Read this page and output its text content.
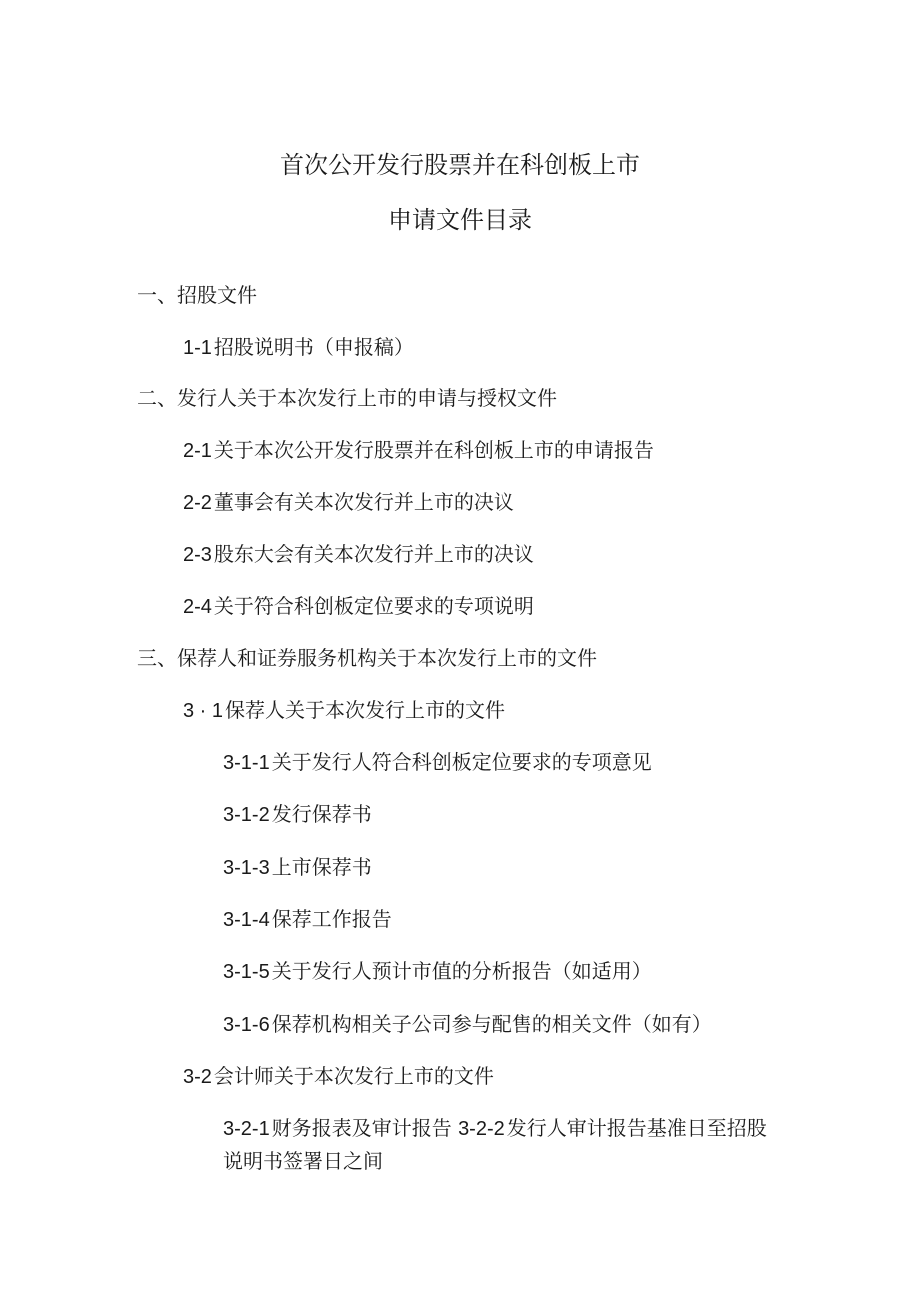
首次公开发行股票并在科创板上市
申请文件目录
一、招股文件
1-1 招股说明书（申报稿）
二、发行人关于本次发行上市的申请与授权文件
2-1 关于本次公开发行股票并在科创板上市的申请报告
2-2 董事会有关本次发行并上市的决议
2-3 股东大会有关本次发行并上市的决议
2-4 关于符合科创板定位要求的专项说明
三、保荐人和证券服务机构关于本次发行上市的文件
3 · 1 保荐人关于本次发行上市的文件
3-1-1 关于发行人符合科创板定位要求的专项意见
3-1-2 发行保荐书
3-1-3 上市保荐书
3-1-4 保荐工作报告
3-1-5 关于发行人预计市值的分析报告（如适用）
3-1-6 保荐机构相关子公司参与配售的相关文件（如有）
3-2 会计师关于本次发行上市的文件
3-2-1 财务报表及审计报告 3-2-2 发行人审计报告基准日至招股说明书签署日之间
